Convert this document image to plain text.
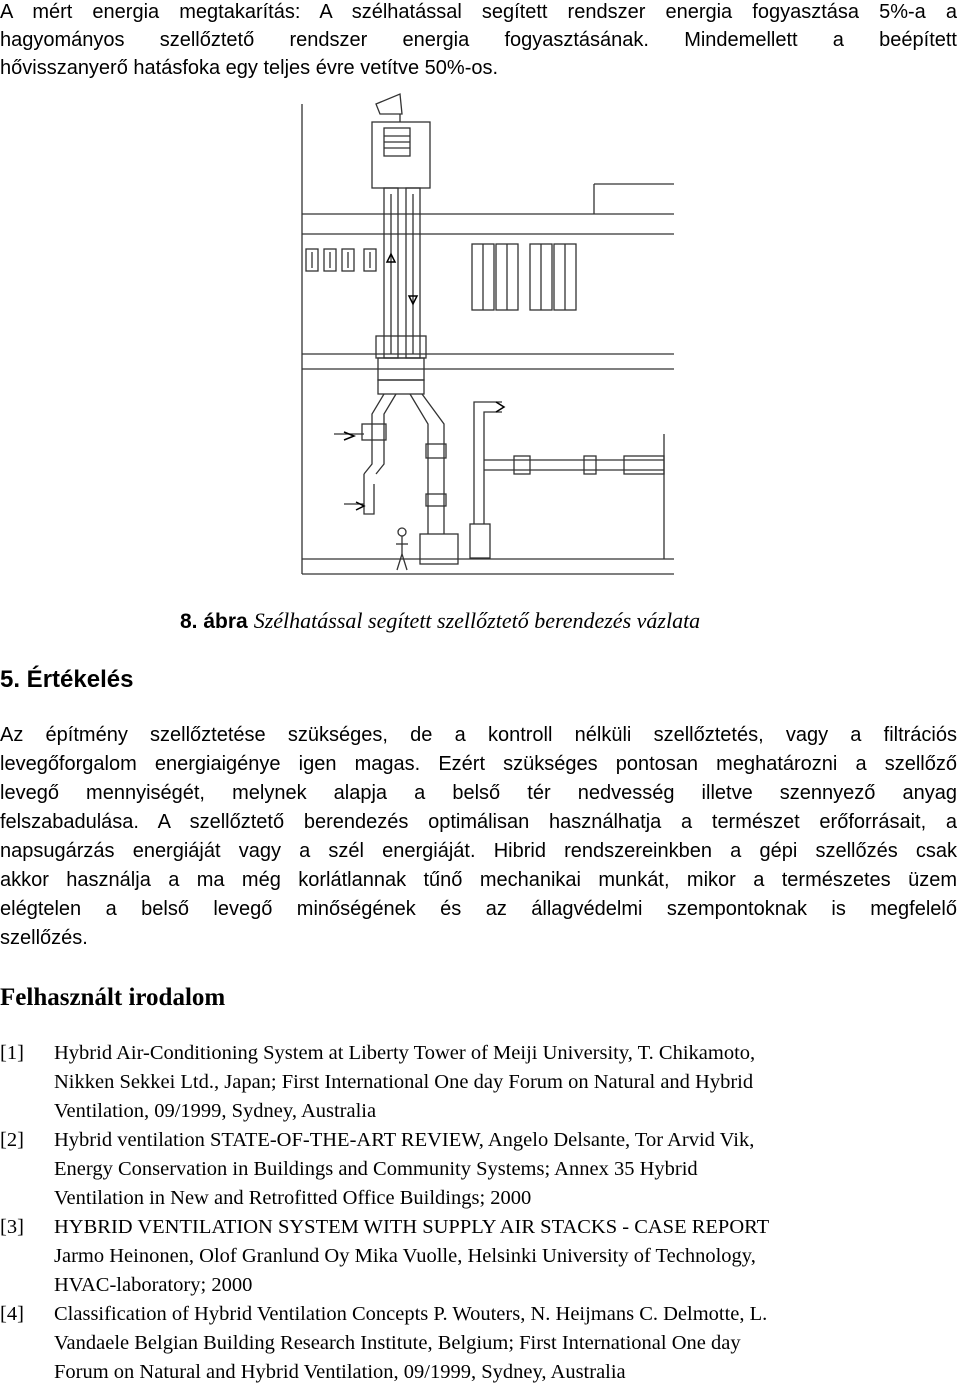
A mért energia megtakarítás: A szélhatással segített rendszer energia fogyasztása 5%-a a
hagyományos szellőztető rendszer energia fogyasztásának. Mindemellett a beépített
hővisszanyerő hatásfoka egy teljes évre vetítve 50%-os.
8. ábra Szélhatással segített szellőztető berendezés vázlata
5. Értékelés
Az építmény szellőztetése szükséges, de a kontroll nélküli szellőztetés, vagy a filtrációs
levegőforgalom energiaigénye igen magas. Ezért szükséges pontosan meghatározni a szellőző
levegő mennyiségét, melynek alapja a belső tér nedvesség illetve szennyező anyag
felszabadulása. A szellőztető berendezés optimálisan használhatja a természet erőforrásait, a
napsugárzás energiáját vagy a szél energiáját. Hibrid rendszereinkben a gépi szellőzés csak
akkor használja a ma még korlátlannak tűnő mechanikai munkát, mikor a természetes üzem
elégtelen a belső levegő minőségének és az állagvédelmi szempontoknak is megfelelő
szellőzés.
Felhasznált irodalom
[1] Hybrid Air-Conditioning System at Liberty Tower of Meiji University, T. Chikamoto,
Nikken Sekkei Ltd., Japan; First International One day Forum on Natural and Hybrid
Ventilation, 09/1999, Sydney, Australia
[2] Hybrid ventilation STATE-OF-THE-ART REVIEW, Angelo Delsante, Tor Arvid Vik,
Energy Conservation in Buildings and Community Systems; Annex 35 Hybrid
Ventilation in New and Retrofitted Office Buildings; 2000
[3] HYBRID VENTILATION SYSTEM WITH SUPPLY AIR STACKS - CASE REPORT
Jarmo Heinonen, Olof Granlund Oy Mika Vuolle, Helsinki University of Technology,
HVAC-laboratory; 2000
[4] Classification of Hybrid Ventilation Concepts P. Wouters, N. Heijmans C. Delmotte, L.
Vandaele Belgian Building Research Institute, Belgium; First International One day
Forum on Natural and Hybrid Ventilation, 09/1999, Sydney, Australia
